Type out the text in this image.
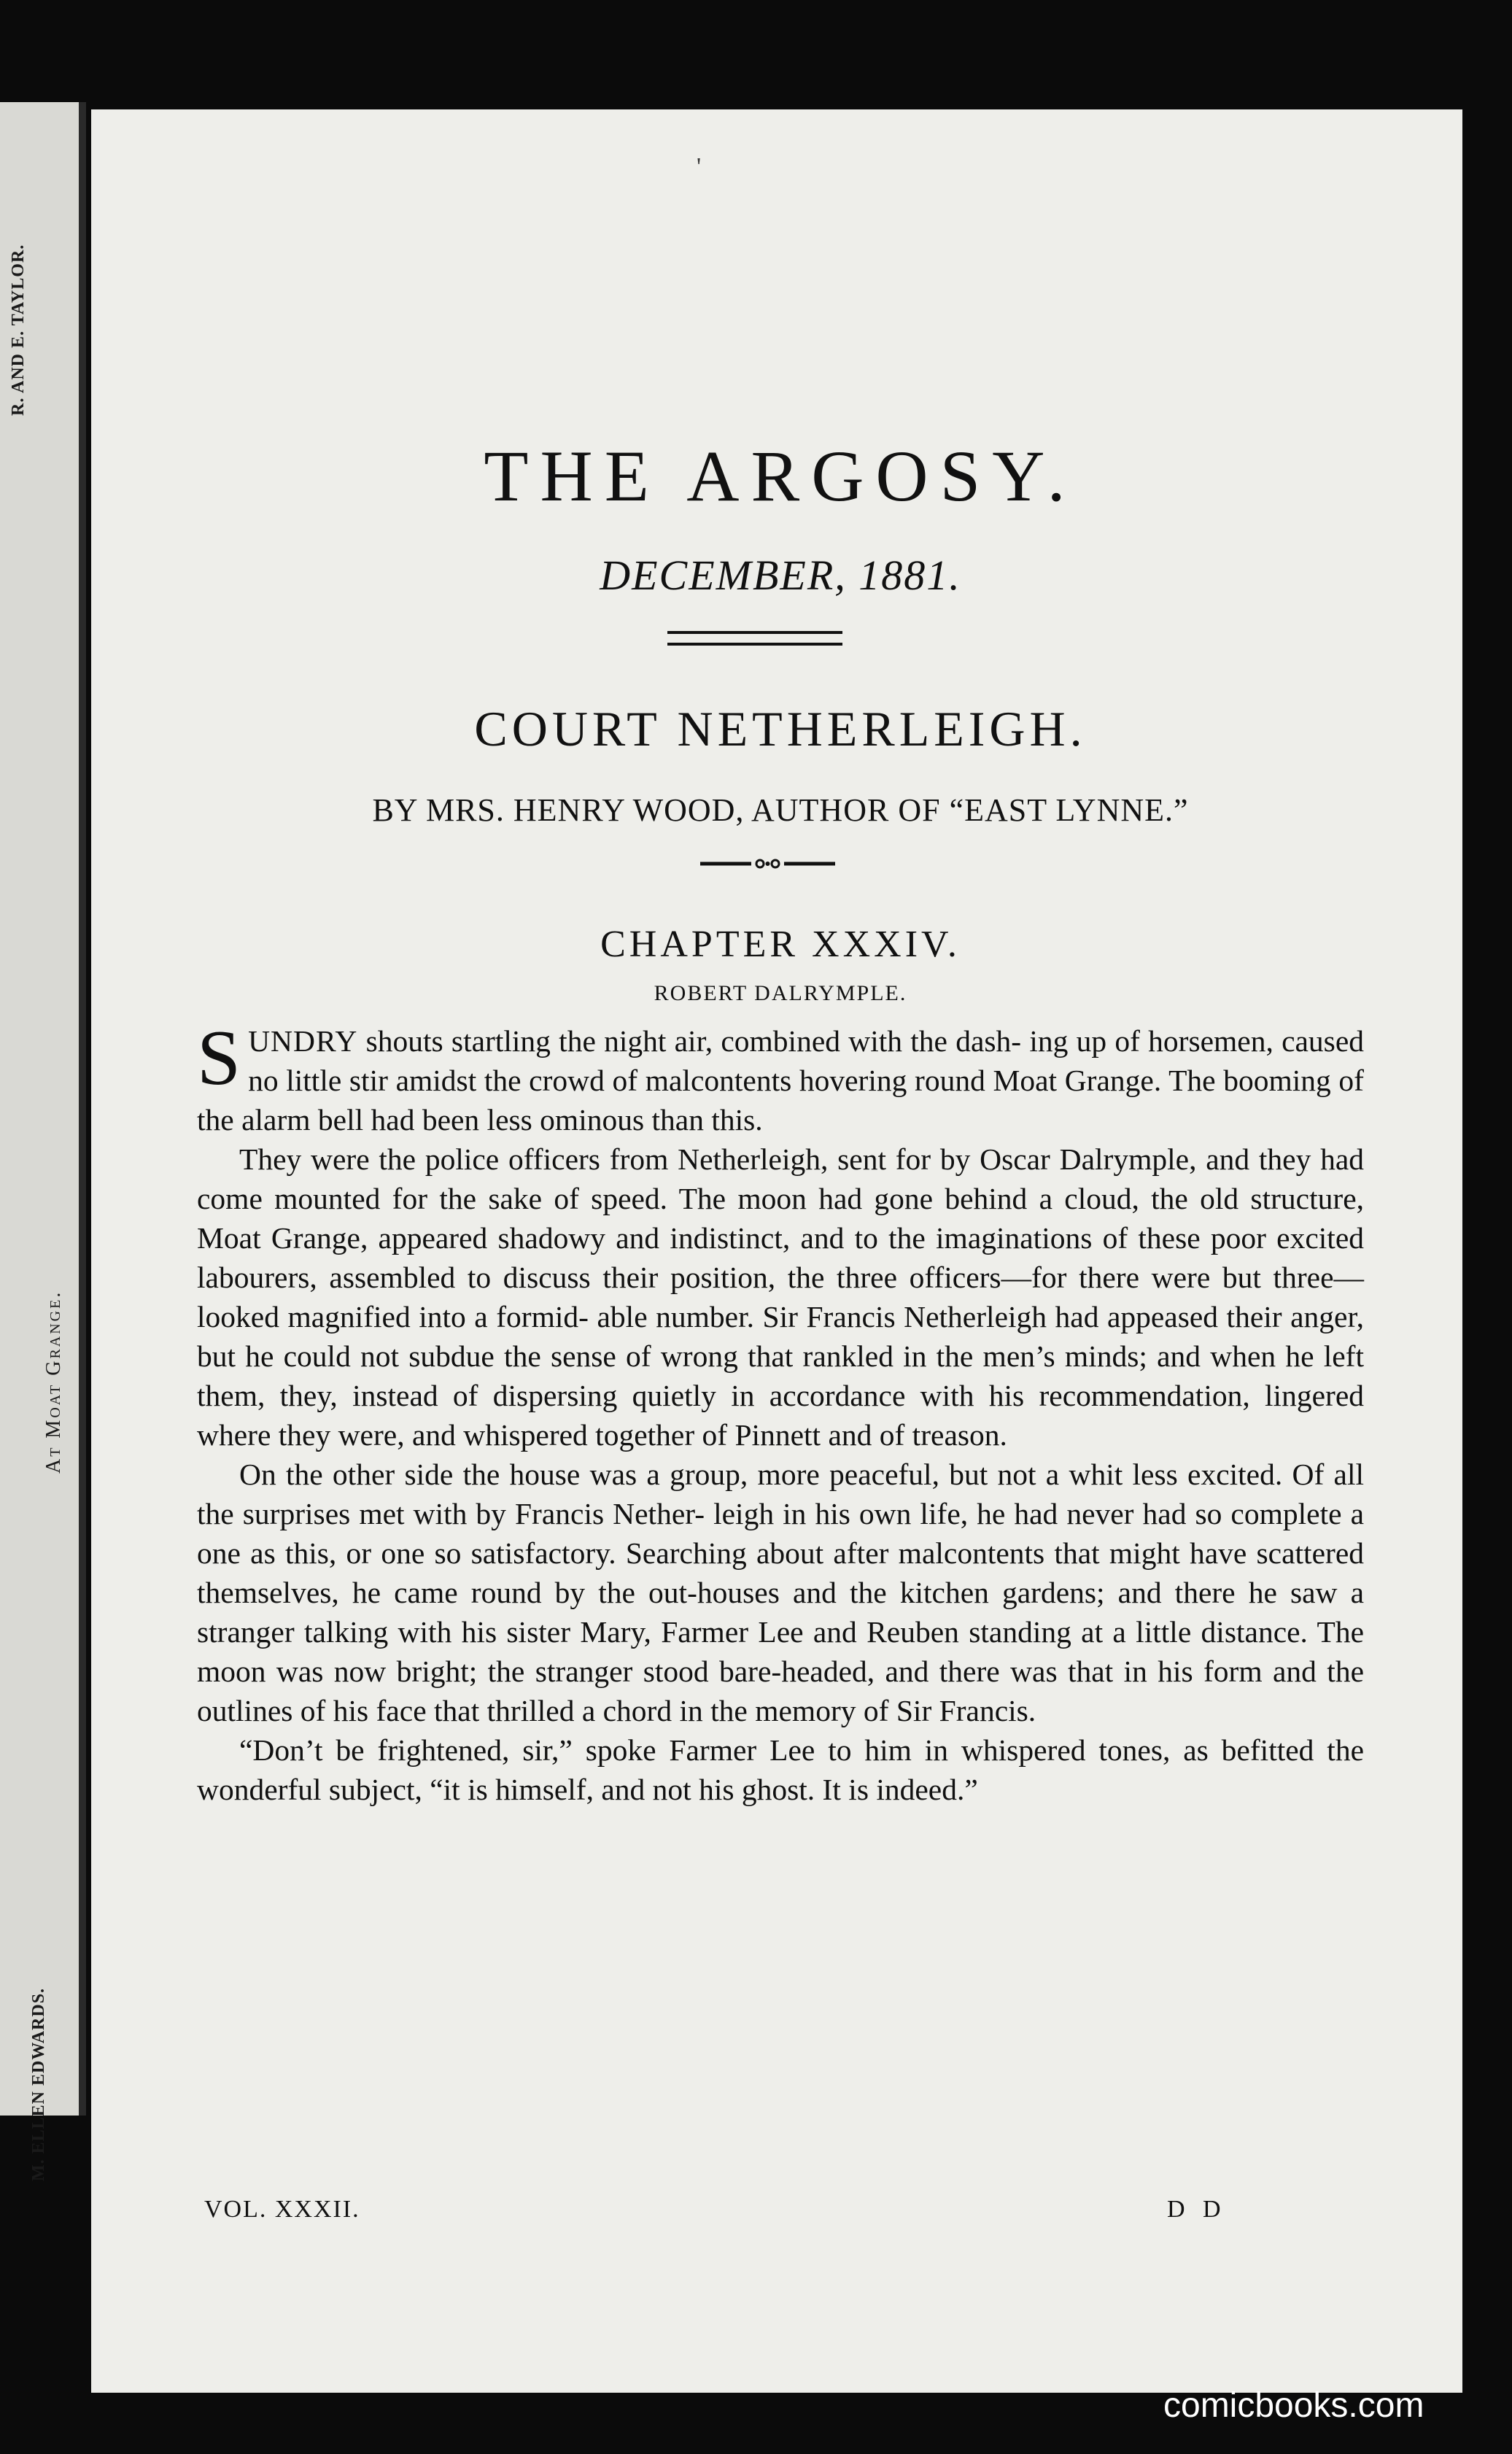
R. AND E. TAYLOR.
At Moat Grange.
M. ELLEN EDWARDS.
'
THE ARGOSY.
DECEMBER, 1881.
COURT NETHERLEIGH.
BY MRS. HENRY WOOD, AUTHOR OF “EAST LYNNE.”
CHAPTER XXXIV.
ROBERT DALRYMPLE.

SUNDRY shouts startling the night air, combined with the dash- ing up of horsemen, caused no little stir amidst the crowd of malcontents hovering round Moat Grange. The booming of the alarm bell had been less ominous than this.

They were the police officers from Netherleigh, sent for by Oscar Dalrymple, and they had come mounted for the sake of speed. The moon had gone behind a cloud, the old structure, Moat Grange, appeared shadowy and indistinct, and to the imaginations of these poor excited labourers, assembled to discuss their position, the three officers—for there were but three—looked magnified into a formid- able number. Sir Francis Netherleigh had appeased their anger, but he could not subdue the sense of wrong that rankled in the men’s minds; and when he left them, they, instead of dispersing quietly in accordance with his recommendation, lingered where they were, and whispered together of Pinnett and of treason.

On the other side the house was a group, more peaceful, but not a whit less excited. Of all the surprises met with by Francis Nether- leigh in his own life, he had never had so complete a one as this, or one so satisfactory. Searching about after malcontents that might have scattered themselves, he came round by the out-houses and the kitchen gardens; and there he saw a stranger talking with his sister Mary, Farmer Lee and Reuben standing at a little distance. The moon was now bright; the stranger stood bare-headed, and there was that in his form and the outlines of his face that thrilled a chord in the memory of Sir Francis.

“Don’t be frightened, sir,” spoke Farmer Lee to him in whispered tones, as befitted the wonderful subject, “it is himself, and not his ghost. It is indeed.”

VOL. XXXII.	D D
comicbooks.com
